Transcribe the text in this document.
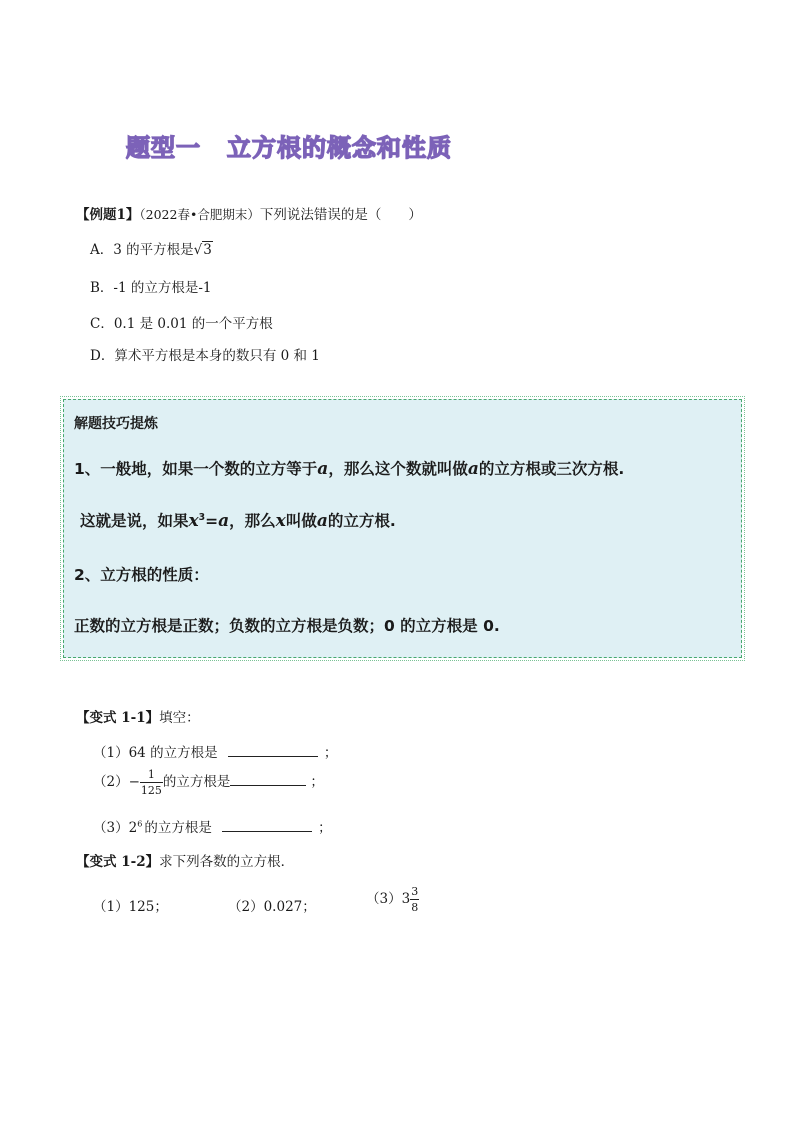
题型一 立方根的概念和性质
【例题1】（2022春•合肥期末）下列说法错误的是（　　）
A．3 的平方根是√3
B．-1 的立方根是-1
C．0.1 是 0.01 的一个平方根
D．算术平方根是本身的数只有 0 和 1
解题技巧提炼
1、一般地，如果一个数的立方等于a，那么这个数就叫做a的立方根或三次方根.
这就是说，如果$x^3=a$，那么x叫做a的立方根.
2、立方根的性质：
正数的立方根是正数；负数的立方根是负数；0 的立方根是 0.
【变式 1-1】填空：
（1）64 的立方根是	；
$(2)- \frac{1}{125}$ 的立方根是	；
$(3)2^6$ 的立方根是	；
【变式 1-2】求下列各数的立方根．
（1）125；	（2）0.027；	$(3)3 \frac{3}{8}$
